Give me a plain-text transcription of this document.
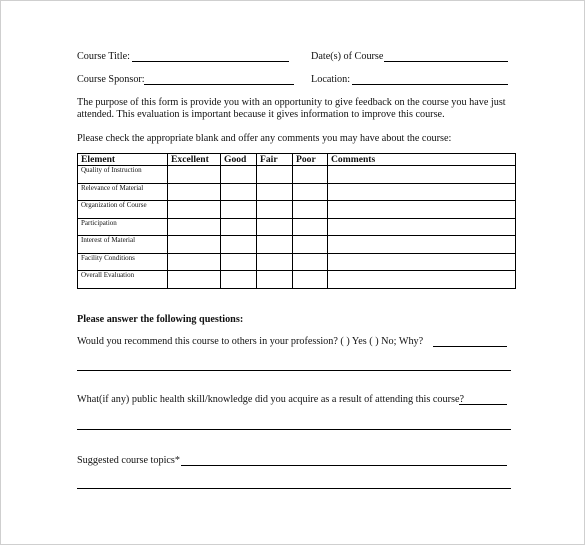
Course Title:	Date(s) of Course
Course Sponsor:	Location:
The purpose of this form is provide you with an opportunity to give feedback on the course you have just
attended. This evaluation is important because it gives information to improve this course.
Please check the appropriate blank and offer any comments you may have about the course:
Element	Excellent	Good	Fair	Poor	Comments
Quality of Instruction					
Relevance of Material					
Organization of Course					
Participation					
Interest of Material					
Facility Conditions					
Overall Evaluation					
Please answer the following questions:
Would you recommend this course to others in your profession? ( ) Yes ( ) No; Why?
What(if any) public health skill/knowledge did you acquire as a result of attending this course?
Suggested course topics*
